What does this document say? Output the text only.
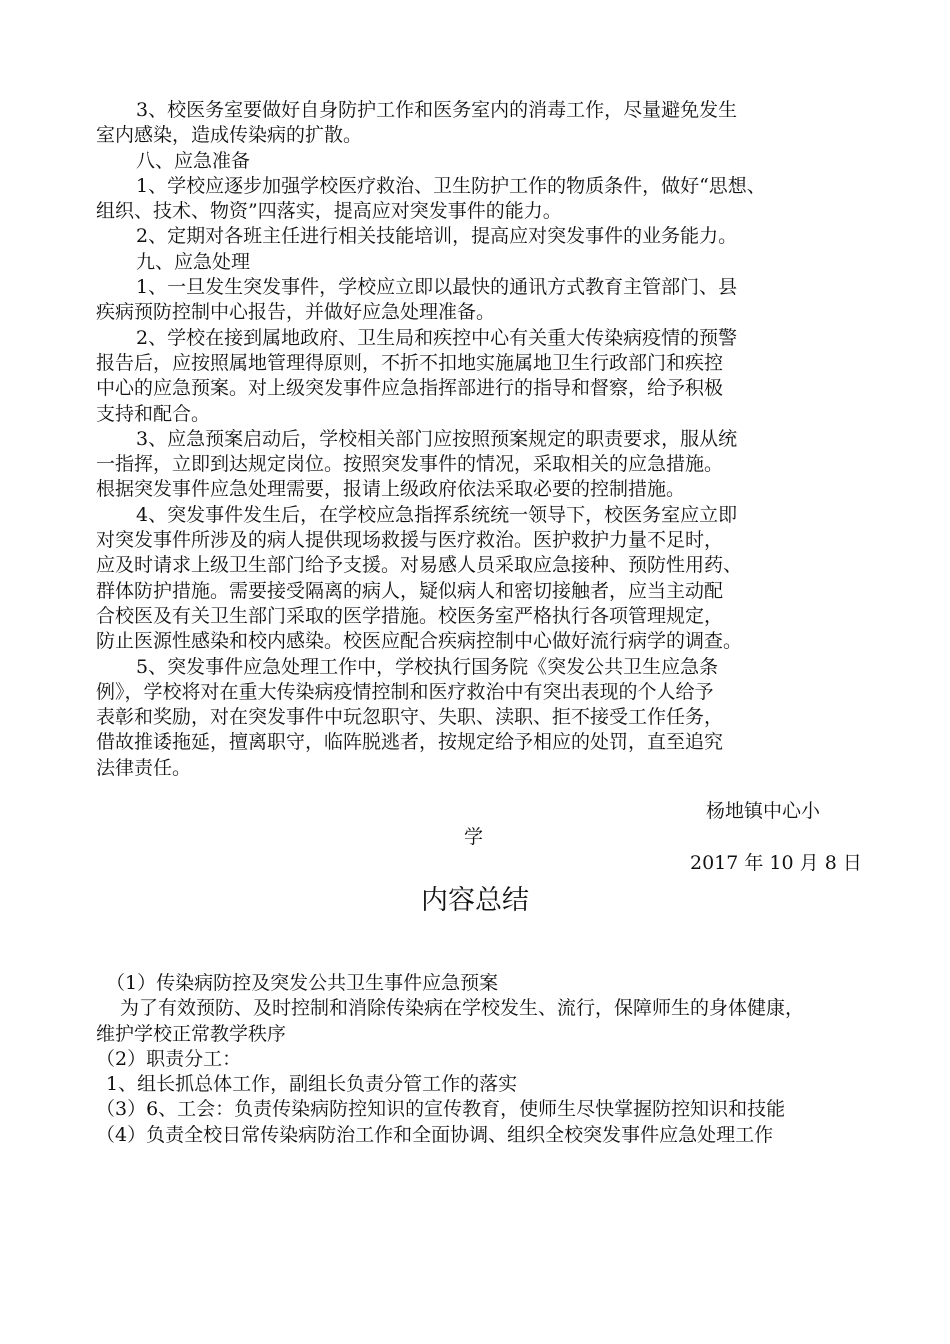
3、校医务室要做好自身防护工作和医务室内的消毒工作，尽量避免发生
室内感染，造成传染病的扩散。
八、应急准备
1、学校应逐步加强学校医疗救治、卫生防护工作的物质条件，做好“思想、
组织、技术、物资”四落实，提高应对突发事件的能力。
2、定期对各班主任进行相关技能培训，提高应对突发事件的业务能力。
九、应急处理
1、一旦发生突发事件，学校应立即以最快的通讯方式教育主管部门、县
疾病预防控制中心报告，并做好应急处理准备。
2、学校在接到属地政府、卫生局和疾控中心有关重大传染病疫情的预警
报告后，应按照属地管理得原则，不折不扣地实施属地卫生行政部门和疾控
中心的应急预案。对上级突发事件应急指挥部进行的指导和督察，给予积极
支持和配合。
3、应急预案启动后，学校相关部门应按照预案规定的职责要求，服从统
一指挥，立即到达规定岗位。按照突发事件的情况，采取相关的应急措施。
根据突发事件应急处理需要，报请上级政府依法采取必要的控制措施。
4、突发事件发生后，在学校应急指挥系统统一领导下，校医务室应立即
对突发事件所涉及的病人提供现场救援与医疗救治。医护救护力量不足时，
应及时请求上级卫生部门给予支援。对易感人员采取应急接种、预防性用药、
群体防护措施。需要接受隔离的病人，疑似病人和密切接触者，应当主动配
合校医及有关卫生部门采取的医学措施。校医务室严格执行各项管理规定，
防止医源性感染和校内感染。校医应配合疾病控制中心做好流行病学的调查。
5、突发事件应急处理工作中，学校执行国务院《突发公共卫生应急条
例》，学校将对在重大传染病疫情控制和医疗救治中有突出表现的个人给予
表彰和奖励，对在突发事件中玩忽职守、失职、渎职、拒不接受工作任务，
借故推诿拖延，擅离职守，临阵脱逃者，按规定给予相应的处罚，直至追究
法律责任。
杨地镇中心小
学
2017 年 10 月 8 日
内容总结
（1）传染病防控及突发公共卫生事件应急预案
为了有效预防、及时控制和消除传染病在学校发生、流行，保障师生的身体健康，
维护学校正常教学秩序
（2）职责分工：
1、组长抓总体工作，副组长负责分管工作的落实
（3）6、工会：负责传染病防控知识的宣传教育，使师生尽快掌握防控知识和技能
（4）负责全校日常传染病防治工作和全面协调、组织全校突发事件应急处理工作
